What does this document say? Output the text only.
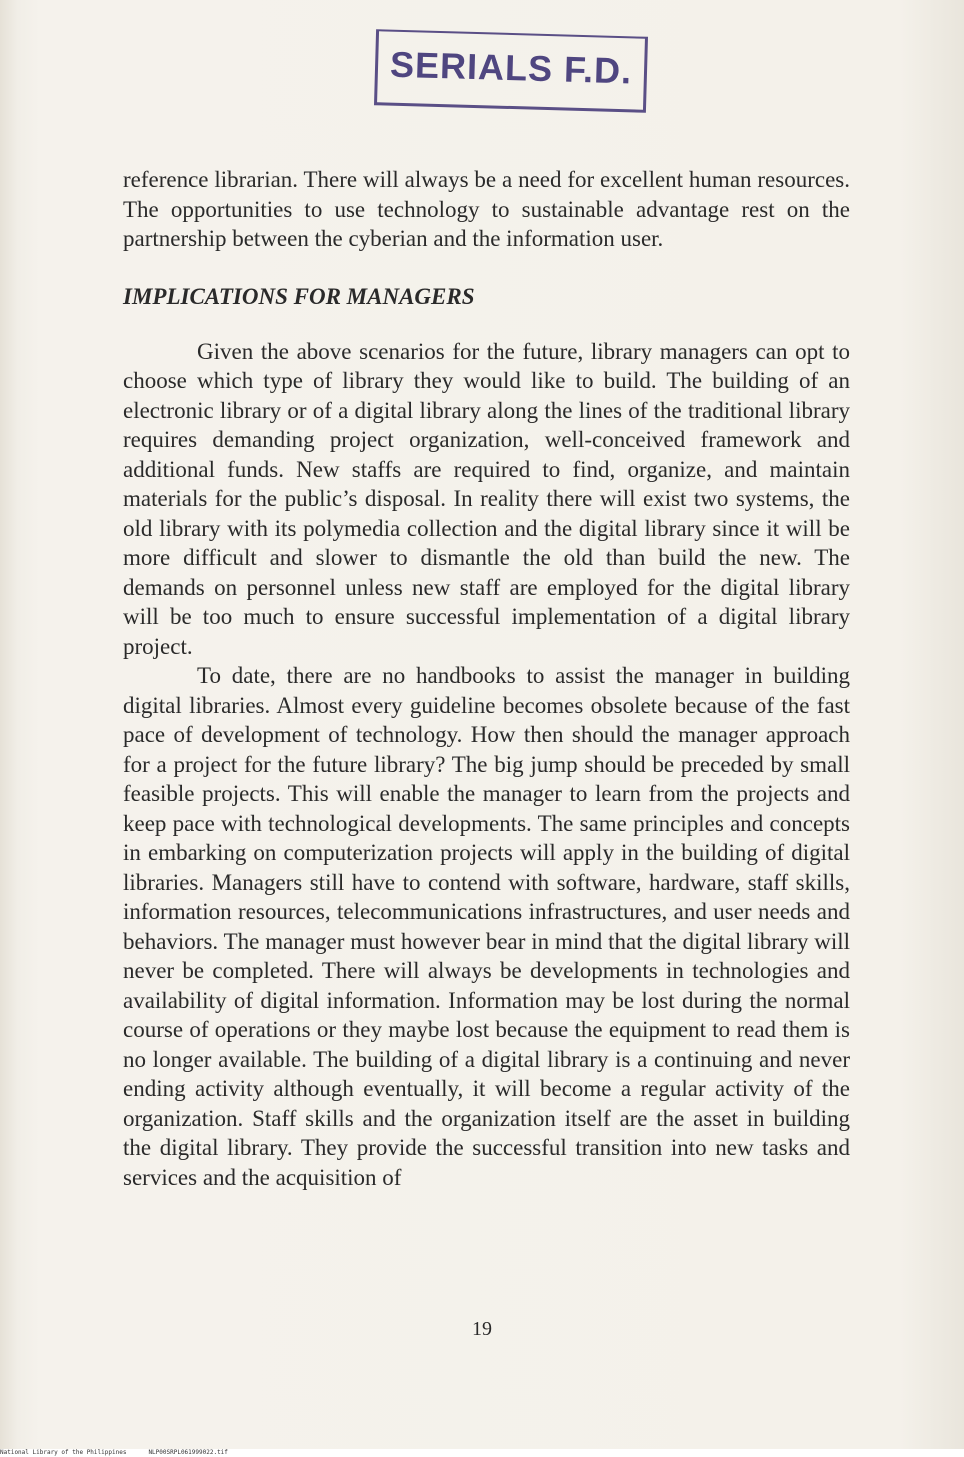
SERIALS F.D.

reference librarian. There will always be a need for excellent human resources. The opportunities to use technology to sustainable advantage rest on the partnership between the cyberian and the information user.

IMPLICATIONS FOR MANAGERS

Given the above scenarios for the future, library managers can opt to choose which type of library they would like to build. The building of an electronic library or of a digital library along the lines of the traditional library requires demanding project organization, well-conceived framework and additional funds. New staffs are required to find, organize, and maintain materials for the public’s disposal. In reality there will exist two systems, the old library with its polymedia collection and the digital library since it will be more difficult and slower to dismantle the old than build the new. The demands on personnel unless new staff are employed for the digital library will be too much to ensure successful implementation of a digital library project.

To date, there are no handbooks to assist the manager in building digital libraries. Almost every guideline becomes obsolete because of the fast pace of development of technology. How then should the manager approach for a project for the future library? The big jump should be preceded by small feasible projects. This will enable the manager to learn from the projects and keep pace with technological developments. The same principles and concepts in embarking on computerization projects will apply in the building of digital libraries. Managers still have to contend with software, hardware, staff skills, information resources, telecommunications infrastructures, and user needs and behaviors. The manager must however bear in mind that the digital library will never be completed. There will always be developments in technologies and availability of digital information. Information may be lost during the normal course of operations or they maybe lost because the equipment to read them is no longer available. The building of a digital library is a continuing and never ending activity although eventually, it will become a regular activity of the organization. Staff skills and the organization itself are the asset in building the digital library. They provide the successful transition into new tasks and services and the acquisition of

19
National Library of the Philippines	NLP00SRPL061999022.tif
